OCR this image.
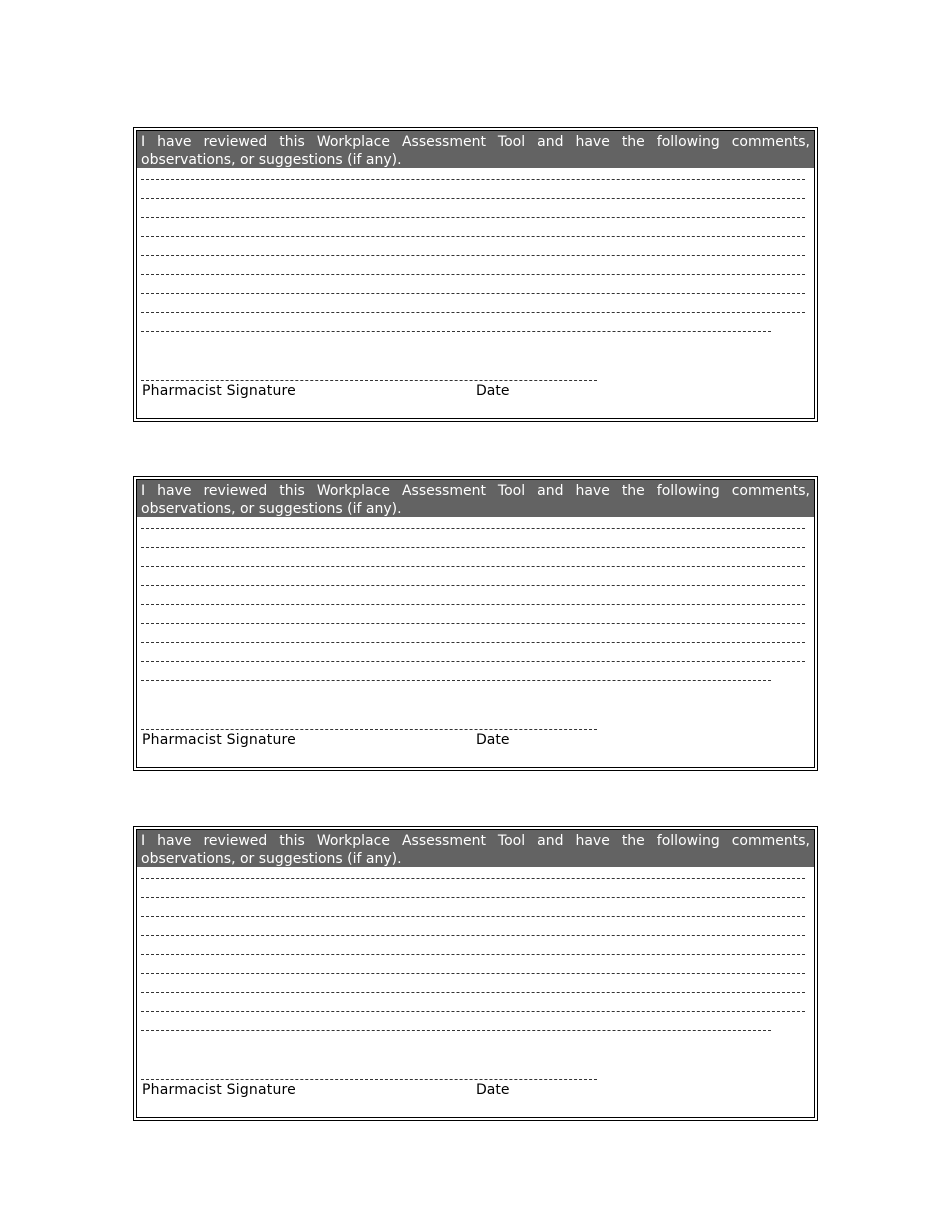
I have reviewed this Workplace Assessment Tool and have the following comments, observations, or suggestions (if any).
Pharmacist Signature	Date
I have reviewed this Workplace Assessment Tool and have the following comments, observations, or suggestions (if any).
Pharmacist Signature	Date
I have reviewed this Workplace Assessment Tool and have the following comments, observations, or suggestions (if any).
Pharmacist Signature	Date
